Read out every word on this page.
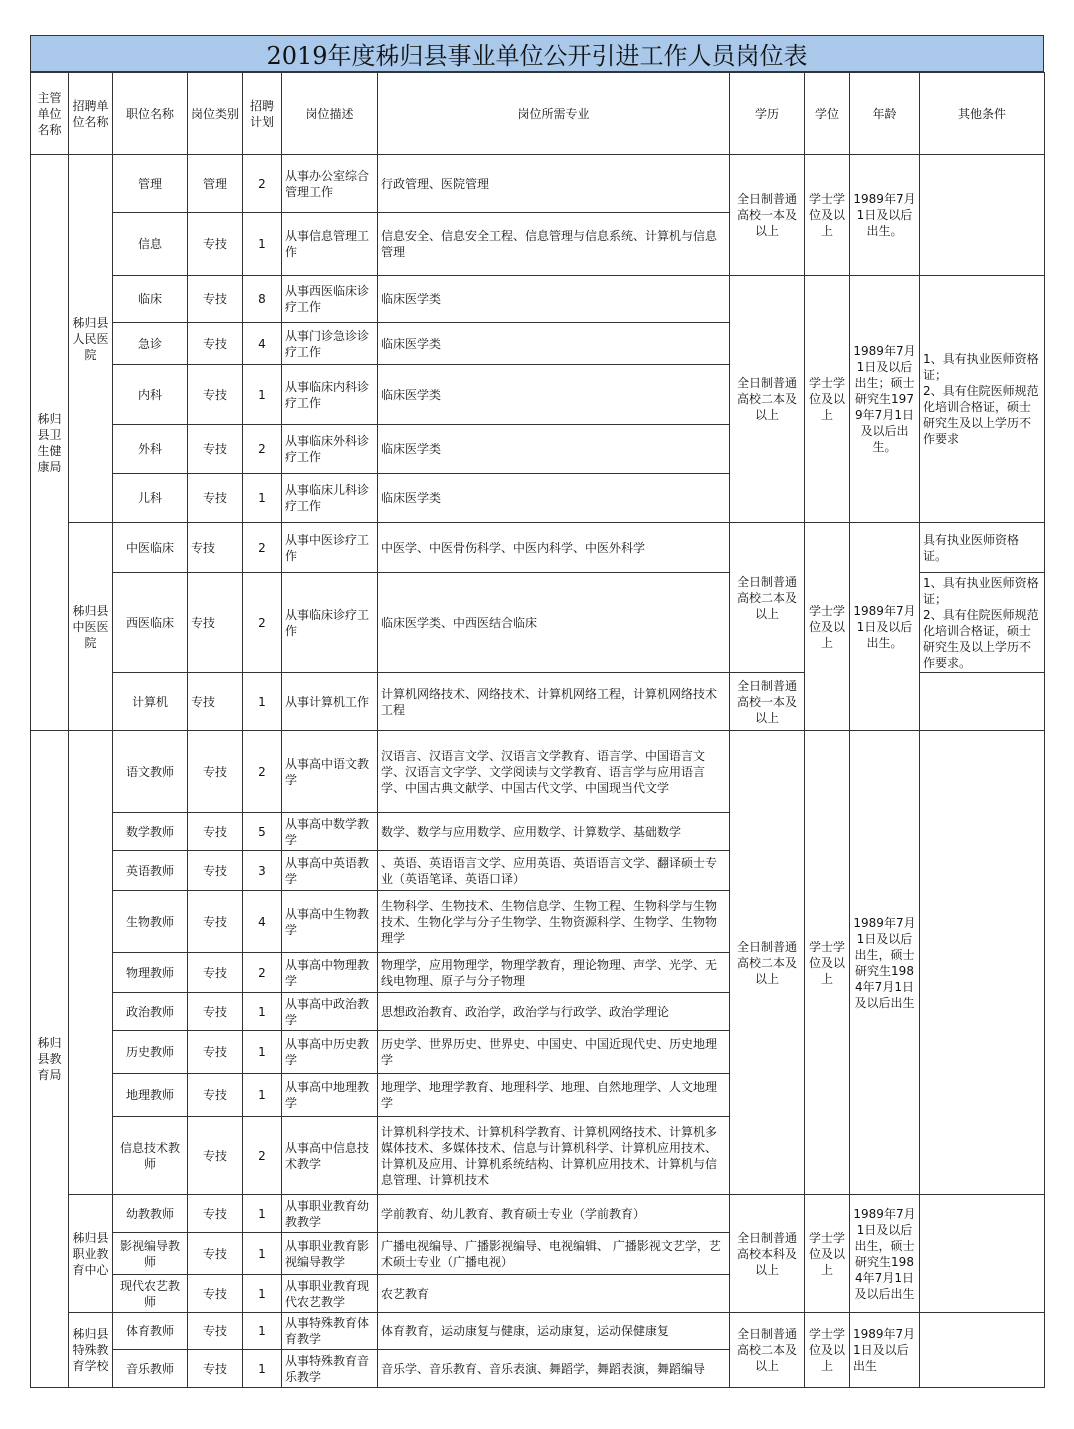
2019年度秭归县事业单位公开引进工作人员岗位表
主管单位名称	招聘单位名称	职位名称	岗位类别	招聘计划	岗位描述	岗位所需专业	学历	学位	年龄	其他条件
秭归县卫生健康局	秭归县人民医院	管理	管理	2	从事办公室综合管理工作	行政管理、医院管理	全日制普通高校一本及以上	学士学位及以上	1989年7月1日及以后出生。	
		信息	专技	1	从事信息管理工作	信息安全、信息安全工程、信息管理与信息系统、计算机与信息管理				
		临床	专技	8	从事西医临床诊疗工作	临床医学类	全日制普通高校二本及以上	学士学位及以上	1989年7月1日及以后出生；硕士研究生1979年7月1日及以后出生。	1、具有执业医师资格证；
2、具有住院医师规范化培训合格证，硕士研究生及以上学历不作要求
		急诊	专技	4	从事门诊急诊诊疗工作	临床医学类				
		内科	专技	1	从事临床内科诊疗工作	临床医学类				
		外科	专技	2	从事临床外科诊疗工作	临床医学类				
		儿科	专技	1	从事临床儿科诊疗工作	临床医学类				
	秭归县中医医院	中医临床	专技	2	从事中医诊疗工作	中医学、中医骨伤科学、中医内科学、中医外科学	全日制普通高校二本及以上	学士学位及以上	1989年7月1日及以后出生。	具有执业医师资格证。
		西医临床	专技	2	从事临床诊疗工作	临床医学类、中西医结合临床				1、具有执业医师资格证；
2、具有住院医师规范化培训合格证，硕士研究生及以上学历不作要求。
		计算机	专技	1	从事计算机工作	计算机网络技术、网络技术、计算机网络工程，计算机网络技术工程	全日制普通高校一本及以上			
秭归县教育局		语文教师	专技	2	从事高中语文教学	汉语言、汉语言文学、汉语言文学教育、语言学、中国语言文学、汉语言文字学、文学阅读与文学教育、语言学与应用语言学、中国古典文献学、中国古代文学、中国现当代文学	全日制普通高校二本及以上	学士学位及以上	1989年7月1日及以后出生，硕士研究生1984年7月1日及以后出生	
		数学教师	专技	5	从事高中数学教学	数学、数学与应用数学、应用数学、计算数学、基础数学				
		英语教师	专技	3	从事高中英语教学	、英语、英语语言文学、应用英语、英语语言文学、翻译硕士专业（英语笔译、英语口译）				
		生物教师	专技	4	从事高中生物教学	生物科学、生物技术、生物信息学、生物工程、生物科学与生物技术、生物化学与分子生物学、生物资源科学、生物学、生物物理学				
		物理教师	专技	2	从事高中物理教学	物理学，应用物理学，物理学教育，理论物理、声学、光学、无线电物理、原子与分子物理				
		政治教师	专技	1	从事高中政治教学	思想政治教育、政治学，政治学与行政学、政治学理论				
		历史教师	专技	1	从事高中历史教学	历史学、世界历史、世界史、中国史、中国近现代史、历史地理学				
		地理教师	专技	1	从事高中地理教学	地理学、地理学教育、地理科学、地理、自然地理学、人文地理学				
		信息技术教师	专技	2	从事高中信息技术教学	计算机科学技术、计算机科学教育、计算机网络技术、计算机多媒体技术、多媒体技术、信息与计算机科学、计算机应用技术、计算机及应用、计算机系统结构、计算机应用技术、计算机与信息管理、计算机技术				
	秭归县职业教育中心	幼教教师	专技	1	从事职业教育幼教教学	学前教育、幼儿教育、教育硕士专业（学前教育）	全日制普通高校本科及以上	学士学位及以上	1989年7月1日及以后出生，硕士研究生1984年7月1日及以后出生	
		影视编导教师	专技	1	从事职业教育影视编导教学	广播电视编导、广播影视编导、电视编辑、 广播影视文艺学，艺术硕士专业（广播电视）				
		现代农艺教师	专技	1	从事职业教育现代农艺教学	农艺教育				
	秭归县特殊教育学校	体育教师	专技	1	从事特殊教育体育教学	体育教育，运动康复与健康，运动康复，运动保健康复	全日制普通高校二本及以上	学士学位及以上	1989年7月1日及以后出生	
		音乐教师	专技	1	从事特殊教育音乐教学	音乐学、音乐教育、音乐表演、舞蹈学，舞蹈表演，舞蹈编导				
